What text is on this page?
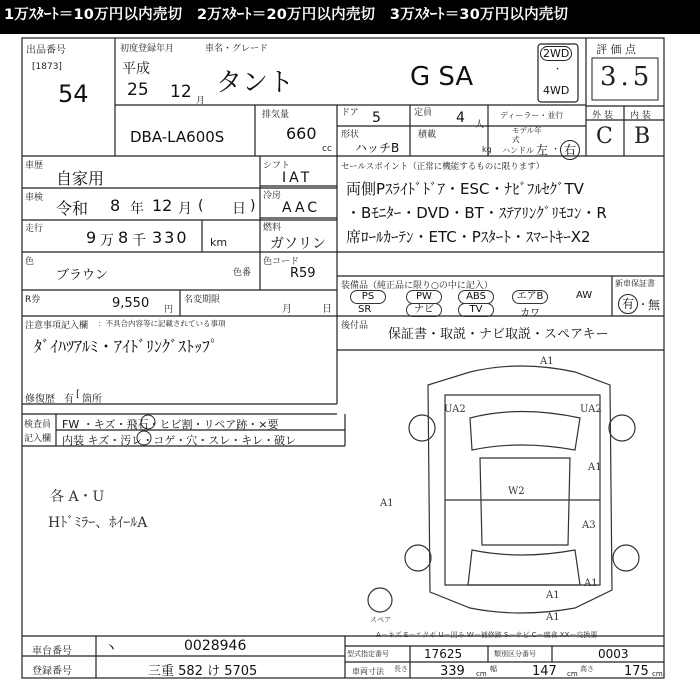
1万ｽﾀｰﾄ＝10万円以内売切　2万ｽﾀｰﾄ＝20万円以内売切　3万ｽﾀｰﾄ＝30万円以内売切
出品番号
[1873]
54
初度登録年月
平成
25 12 月
車名・グレード
タント	G SA
2WD
・
4WD
DBA-LA600S
排気量
660
cc
ドア 5	定員 4 人
ディーラー・並行
形状
ハッチB
積載
kg
モデル年式
ハンドル 左 ・ 右
評 価 点
3.5
外 装 内 装
C B
車歴
自家用
車検
令和 8 年 12 月 ( 日 )
走行	9 万 8 千 330 km
シフト
IAT
冷房
AAC
燃料
ガソリン
セールスポイント（正常に機能するものに限ります）
両側Pｽﾗｲﾄﾞﾄﾞｱ・ESC・ﾅﾋﾞﾌﾙｾｸﾞTV
・Bﾓﾆﾀｰ・DVD・BT・ｽﾃｱﾘﾝｸﾞﾘﾓｺﾝ・R
席ﾛｰﾙｶｰﾃﾝ・ETC・Pｽﾀｰﾄ・ｽﾏｰﾄｷｰX2
色
ブラウン	色番
色コード
R59
R券	9,550 円
名変期限
月	日
装備品（純正品に限り○の中に記入）
PS	PW	ABS	エアB	AW
SR	ナビ	TV	カワ
新車保証書
有 ・ 無
後付品
保証書・取説・ナビ取説・スペアキー
注意事項記入欄 ：不具合内容等に記載されている事項
ﾀﾞｲﾊﾂｱﾙﾐ・ｱｲﾄﾞﾘﾝｸﾞｽﾄｯﾌﾟ
修復歴 有 [ 箇所
検査員
記入欄
FW ・キズ・飛石・ヒビ割・リペア跡・×要
内装 キズ・汚レ・コゲ・穴・スレ・キレ・破レ
各 A・U
Hﾄﾞﾐﾗｰ、ﾎｲｰﾙA
A1
UA2	UA2
A1
W2
A1
A3
A1
A1
A1
スペア
A－キズ E－エクボ U－凹み W－補修跡 S－サビ C－腐食 XX－交換要
車台番号 丶	0028946
登録番号	三重 582 け 5705
型式指定番号	17625	類別区分番号	0003
車両寸法 長さ 339 cm
幅	147 cm
高さ 175 cm
